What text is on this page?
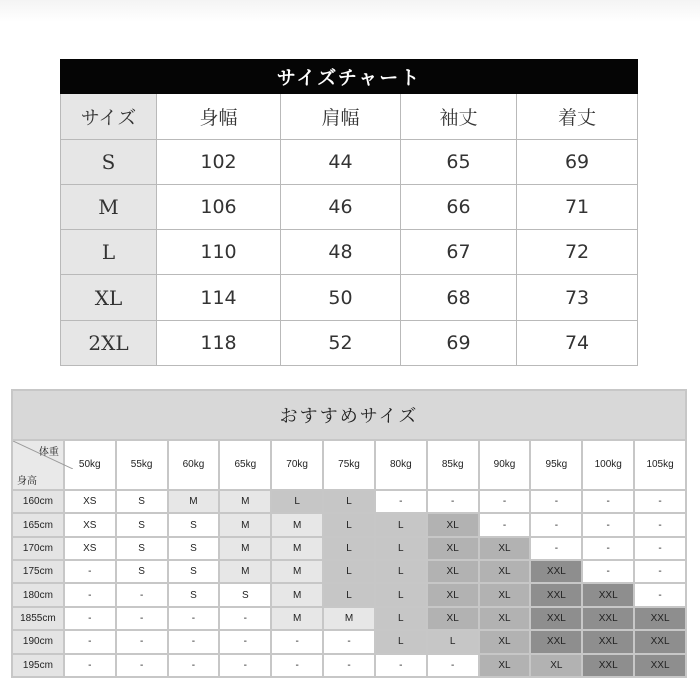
サイズチャート				
サイズ	身幅	肩幅	袖丈	着丈
S	102	44	65	69
M	106	46	66	71
L	110	48	67	72
XL	114	50	68	73
2XL	118	52	69	74
おすすめサイズ												

体重
身高	50kg	55kg	60kg	65kg	70kg	75kg	80kg	85kg	90kg	95kg	100kg	105kg
160cm	XS	S	M	M	L	L	-	-	-	-	-	-
165cm	XS	S	S	M	M	L	L	XL	-	-	-	-
170cm	XS	S	S	M	M	L	L	XL	XL	-	-	-
175cm	-	S	S	M	M	L	L	XL	XL	XXL	-	-
180cm	-	-	S	S	M	L	L	XL	XL	XXL	XXL	-
1855cm	-	-	-	-	M	M	L	XL	XL	XXL	XXL	XXL
190cm	-	-	-	-	-	-	L	L	XL	XXL	XXL	XXL
195cm	-	-	-	-	-	-	-	-	XL	XL	XXL	XXL
